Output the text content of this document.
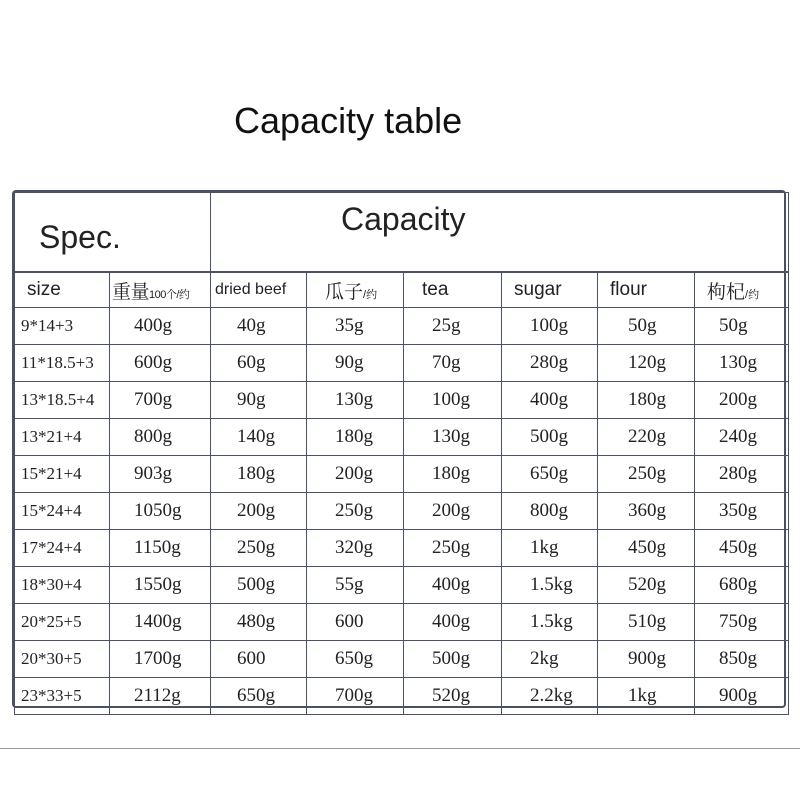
Capacity table
Spec.		Capacity					
size	重量100个/约	dried beef	瓜子/约	tea	sugar	flour	枸杞/约
9*14+3	400g	40g	35g	25g	100g	50g	50g
11*18.5+3	600g	60g	90g	70g	280g	120g	130g
13*18.5+4	700g	90g	130g	100g	400g	180g	200g
13*21+4	800g	140g	180g	130g	500g	220g	240g
15*21+4	903g	180g	200g	180g	650g	250g	280g
15*24+4	1050g	200g	250g	200g	800g	360g	350g
17*24+4	1150g	250g	320g	250g	1kg	450g	450g
18*30+4	1550g	500g	55g	400g	1.5kg	520g	680g
20*25+5	1400g	480g	600	400g	1.5kg	510g	750g
20*30+5	1700g	600	650g	500g	2kg	900g	850g
23*33+5	2112g	650g	700g	520g	2.2kg	1kg	900g
